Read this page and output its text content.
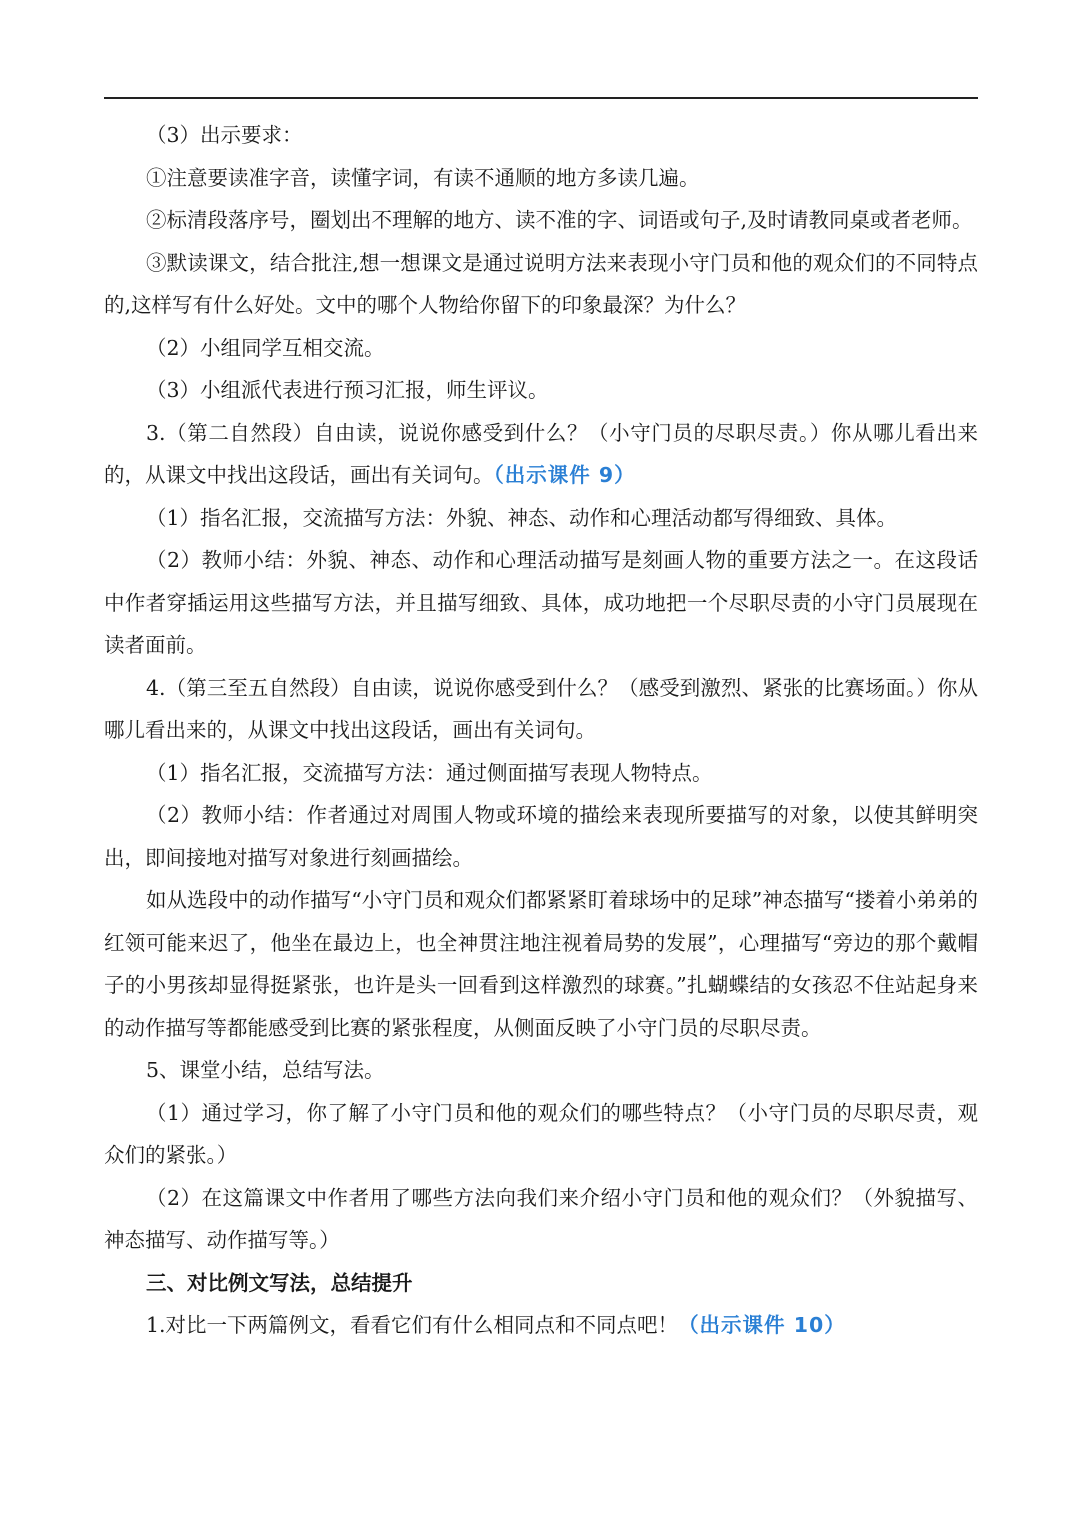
（3）出示要求：

①注意要读准字音，读懂字词，有读不通顺的地方多读几遍。

②标清段落序号，圈划出不理解的地方、读不准的字、词语或句子,及时请教同桌或者老师。

③默读课文，结合批注,想一想课文是通过说明方法来表现小守门员和他的观众们的不同特点的,这样写有什么好处。文中的哪个人物给你留下的印象最深？为什么？

（2）小组同学互相交流。

（3）小组派代表进行预习汇报，师生评议。

3.（第二自然段）自由读，说说你感受到什么？（小守门员的尽职尽责。）你从哪儿看出来的，从课文中找出这段话，画出有关词句。（出示课件 9）

（1）指名汇报，交流描写方法：外貌、神态、动作和心理活动都写得细致、具体。

（2）教师小结：外貌、神态、动作和心理活动描写是刻画人物的重要方法之一。在这段话中作者穿插运用这些描写方法，并且描写细致、具体，成功地把一个尽职尽责的小守门员展现在读者面前。

4.（第三至五自然段）自由读，说说你感受到什么？（感受到激烈、紧张的比赛场面。）你从哪儿看出来的，从课文中找出这段话，画出有关词句。

（1）指名汇报，交流描写方法：通过侧面描写表现人物特点。

（2）教师小结：作者通过对周围人物或环境的描绘来表现所要描写的对象，以使其鲜明突出，即间接地对描写对象进行刻画描绘。

如从选段中的动作描写“小守门员和观众们都紧紧盯着球场中的足球”神态描写“搂着小弟弟的红领可能来迟了，他坐在最边上，也全神贯注地注视着局势的发展”，心理描写“旁边的那个戴帽子的小男孩却显得挺紧张，也许是头一回看到这样激烈的球赛。”扎蝴蝶结的女孩忍不住站起身来的动作描写等都能感受到比赛的紧张程度，从侧面反映了小守门员的尽职尽责。

5、课堂小结，总结写法。

（1）通过学习，你了解了小守门员和他的观众们的哪些特点？（小守门员的尽职尽责，观众们的紧张。）

（2）在这篇课文中作者用了哪些方法向我们来介绍小守门员和他的观众们？（外貌描写、神态描写、动作描写等。）

三、对比例文写法，总结提升

1.对比一下两篇例文，看看它们有什么相同点和不同点吧！（出示课件 10）
